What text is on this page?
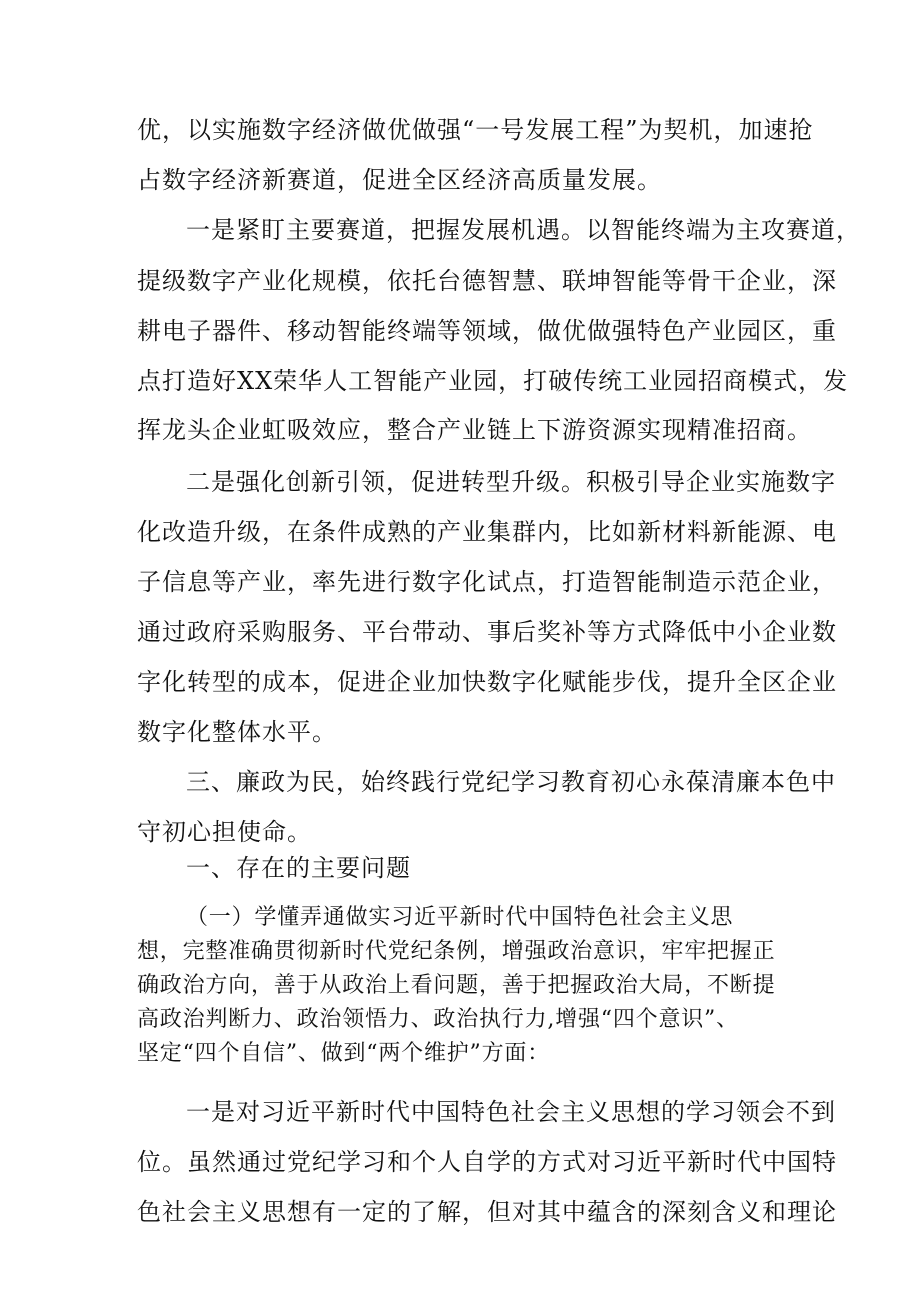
优，以实施数字经济做优做强“一号发展工程”为契机，加速抢
占数字经济新赛道，促进全区经济高质量发展。
一是紧盯主要赛道，把握发展机遇。以智能终端为主攻赛道，
提级数字产业化规模，依托台德智慧、联坤智能等骨干企业，深
耕电子器件、移动智能终端等领域，做优做强特色产业园区，重
点打造好XX荣华人工智能产业园，打破传统工业园招商模式，发
挥龙头企业虹吸效应，整合产业链上下游资源实现精准招商。
二是强化创新引领，促进转型升级。积极引导企业实施数字
化改造升级，在条件成熟的产业集群内，比如新材料新能源、电
子信息等产业，率先进行数字化试点，打造智能制造示范企业，
通过政府采购服务、平台带动、事后奖补等方式降低中小企业数
字化转型的成本，促进企业加快数字化赋能步伐，提升全区企业
数字化整体水平。
三、廉政为民，始终践行党纪学习教育初心永葆清廉本色中
守初心担使命。
一、存在的主要问题
（一）学懂弄通做实习近平新时代中国特色社会主义思
想，完整准确贯彻新时代党纪条例，增强政治意识，牢牢把握正
确政治方向，善于从政治上看问题，善于把握政治大局，不断提
高政治判断力、政治领悟力、政治执行力,增强“四个意识”、
坚定“四个自信”、做到“两个维护”方面：
一是对习近平新时代中国特色社会主义思想的学习领会不到
位。虽然通过党纪学习和个人自学的方式对习近平新时代中国特
色社会主义思想有一定的了解，但对其中蕴含的深刻含义和理论
